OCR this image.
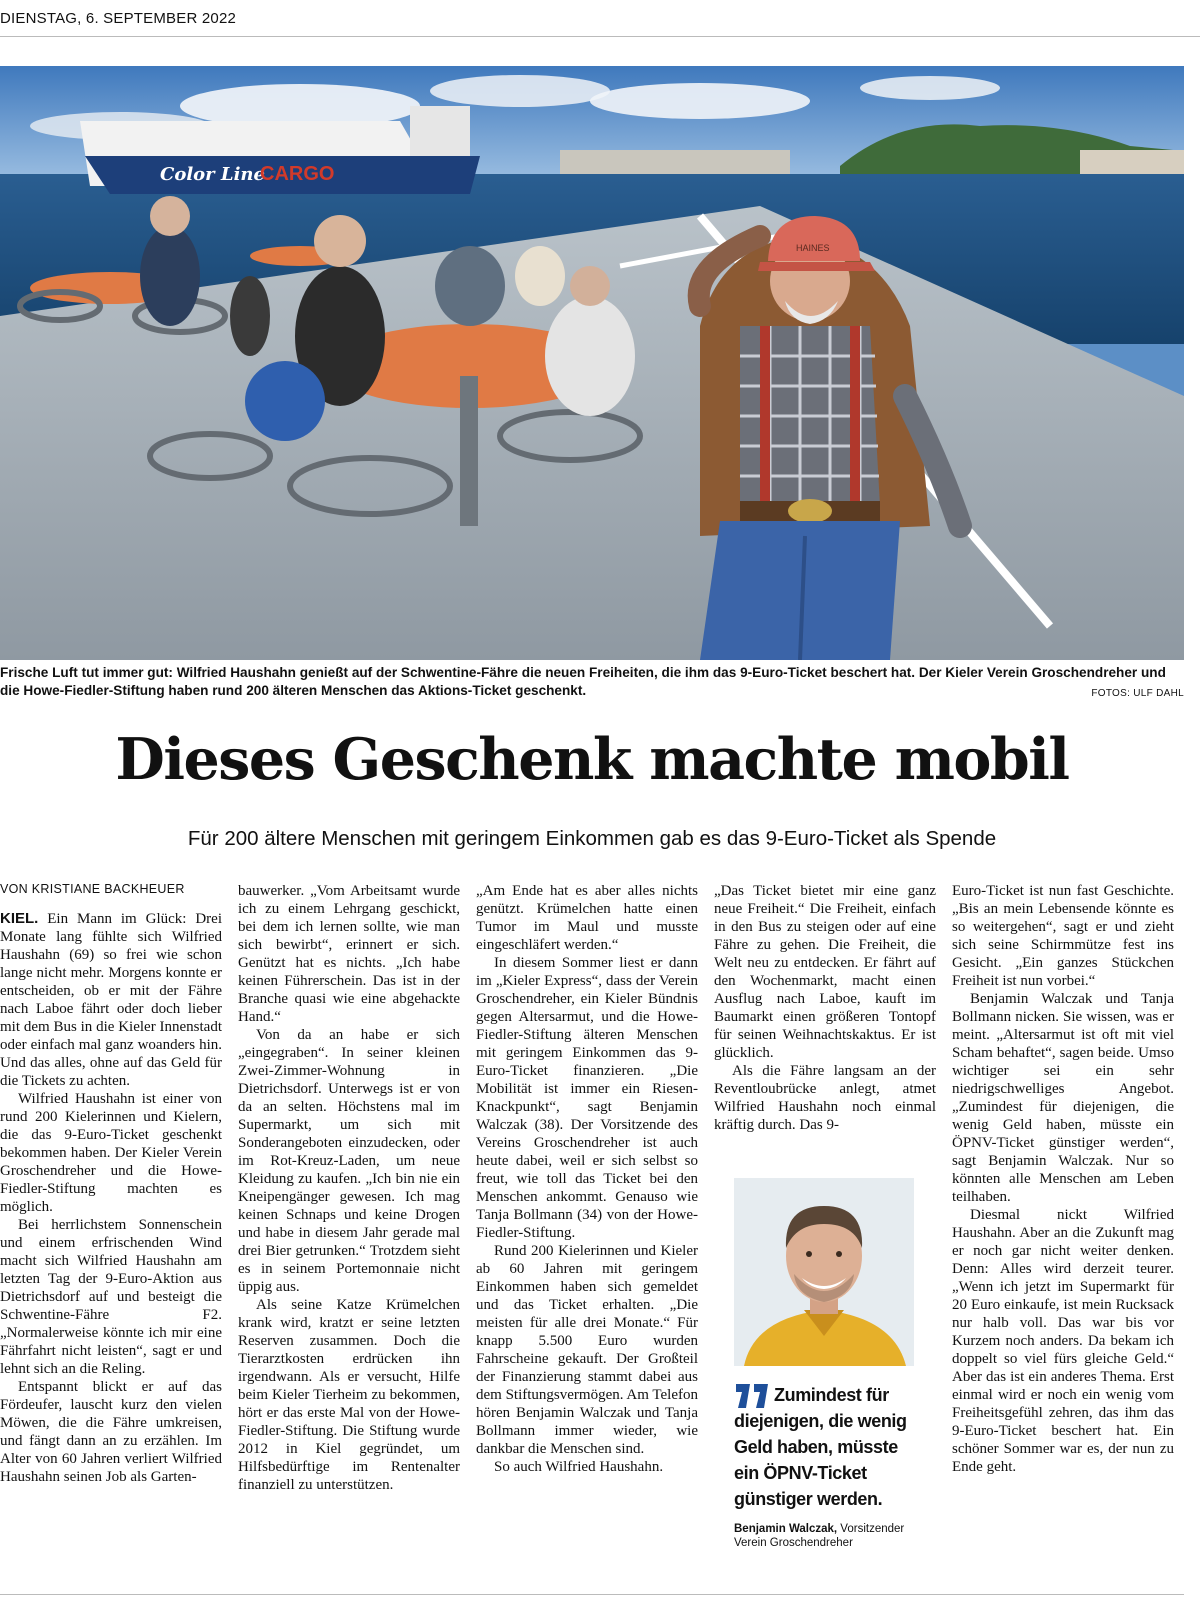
DIENSTAG, 6. SEPTEMBER 2022
Color Line
CARGO
HAINES
Frische Luft tut immer gut: Wilfried Haushahn genießt auf der Schwentine-Fähre die neuen Freiheiten, die ihm das 9-Euro-Ticket beschert hat. Der Kieler Verein Groschendreher und die Howe-Fiedler-Stiftung haben rund 200 älteren Menschen das Aktions-Ticket geschenkt.	FOTOS: ULF DAHL
Dieses Geschenk machte mobil
Für 200 ältere Menschen mit geringem Einkommen gab es das 9-Euro-Ticket als Spende
VON KRISTIANE BACKHEUER

KIEL. Ein Mann im Glück: Drei Monate lang fühlte sich Wilfried Haushahn (69) so frei wie schon lange nicht mehr. Morgens konnte er entscheiden, ob er mit der Fähre nach Laboe fährt oder doch lieber mit dem Bus in die Kieler Innenstadt oder einfach mal ganz woanders hin. Und das alles, ohne auf das Geld für die Tickets zu achten.

Wilfried Haushahn ist einer von rund 200 Kielerinnen und Kielern, die das 9-Euro-Ticket geschenkt bekommen haben. Der Kieler Verein Groschendreher und die Howe-Fiedler-Stiftung machten es möglich.

Bei herrlichstem Sonnenschein und einem erfrischenden Wind macht sich Wilfried Haushahn am letzten Tag der 9-Euro-Aktion aus Dietrichsdorf auf und besteigt die Schwentine-Fähre F2. „Normalerweise könnte ich mir eine Fährfahrt nicht leisten“, sagt er und lehnt sich an die Reling.

Entspannt blickt er auf das Fördeufer, lauscht kurz den vielen Möwen, die die Fähre umkreisen, und fängt dann an zu erzählen. Im Alter von 60 Jahren verliert Wilfried Haushahn seinen Job als Garten-

bauwerker. „Vom Arbeitsamt wurde ich zu einem Lehrgang geschickt, bei dem ich lernen sollte, wie man sich bewirbt“, erinnert er sich. Genützt hat es nichts. „Ich habe keinen Führerschein. Das ist in der Branche quasi wie eine abgehackte Hand.“

Von da an habe er sich „eingegraben“. In seiner kleinen Zwei-Zimmer-Wohnung in Dietrichsdorf. Unterwegs ist er von da an selten. Höchstens mal im Supermarkt, um sich mit Sonderangeboten einzudecken, oder im Rot-Kreuz-Laden, um neue Kleidung zu kaufen. „Ich bin nie ein Kneipengänger gewesen. Ich mag keinen Schnaps und keine Drogen und habe in diesem Jahr gerade mal drei Bier getrunken.“ Trotzdem sieht es in seinem Portemonnaie nicht üppig aus.

Als seine Katze Krümelchen krank wird, kratzt er seine letzten Reserven zusammen. Doch die Tierarztkosten erdrücken ihn irgendwann. Als er versucht, Hilfe beim Kieler Tierheim zu bekommen, hört er das erste Mal von der Howe-Fiedler-Stiftung. Die Stiftung wurde 2012 in Kiel gegründet, um Hilfsbedürftige im Rentenalter finanziell zu unterstützen.

„Am Ende hat es aber alles nichts genützt. Krümelchen hatte einen Tumor im Maul und musste eingeschläfert werden.“

In diesem Sommer liest er dann im „Kieler Express“, dass der Verein Groschendreher, ein Kieler Bündnis gegen Altersarmut, und die Howe-Fiedler-Stiftung älteren Menschen mit geringem Einkommen das 9-Euro-Ticket finanzieren. „Die Mobilität ist immer ein Riesen-Knackpunkt“, sagt Benjamin Walczak (38). Der Vorsitzende des Vereins Groschendreher ist auch heute dabei, weil er sich selbst so freut, wie toll das Ticket bei den Menschen ankommt. Genauso wie Tanja Bollmann (34) von der Howe-Fiedler-Stiftung.

Rund 200 Kielerinnen und Kieler ab 60 Jahren mit geringem Einkommen haben sich gemeldet und das Ticket erhalten. „Die meisten für alle drei Monate.“ Für knapp 5.500 Euro wurden Fahrscheine gekauft. Der Großteil der Finanzierung stammt dabei aus dem Stiftungsvermögen. Am Telefon hören Benjamin Walczak und Tanja Bollmann immer wieder, wie dankbar die Menschen sind.

So auch Wilfried Haushahn.

„Das Ticket bietet mir eine ganz neue Freiheit.“ Die Freiheit, einfach in den Bus zu steigen oder auf eine Fähre zu gehen. Die Freiheit, die Welt neu zu entdecken. Er fährt auf den Wochenmarkt, macht einen Ausflug nach Laboe, kauft im Baumarkt einen größeren Tontopf für seinen Weihnachtskaktus. Er ist glücklich.

Als die Fähre langsam an der Reventloubrücke anlegt, atmet Wilfried Haushahn noch einmal kräftig durch. Das 9-

Zumindest für diejenigen, die wenig Geld haben, müsste ein ÖPNV-Ticket günstiger werden.
Benjamin Walczak, Vorsitzender Verein Groschendreher

Euro-Ticket ist nun fast Geschichte. „Bis an mein Lebensende könnte es so weitergehen“, sagt er und zieht sich seine Schirmmütze fest ins Gesicht. „Ein ganzes Stückchen Freiheit ist nun vorbei.“

Benjamin Walczak und Tanja Bollmann nicken. Sie wissen, was er meint. „Altersarmut ist oft mit viel Scham behaftet“, sagen beide. Umso wichtiger sei ein sehr niedrigschwelliges Angebot. „Zumindest für diejenigen, die wenig Geld haben, müsste ein ÖPNV-Ticket günstiger werden“, sagt Benjamin Walczak. Nur so könnten alle Menschen am Leben teilhaben.

Diesmal nickt Wilfried Haushahn. Aber an die Zukunft mag er noch gar nicht weiter denken. Denn: Alles wird derzeit teurer. „Wenn ich jetzt im Supermarkt für 20 Euro einkaufe, ist mein Rucksack nur halb voll. Das war bis vor Kurzem noch anders. Da bekam ich doppelt so viel fürs gleiche Geld.“ Aber das ist ein anderes Thema. Erst einmal wird er noch ein wenig vom Freiheitsgefühl zehren, das ihm das 9-Euro-Ticket beschert hat. Ein schöner Sommer war es, der nun zu Ende geht.
